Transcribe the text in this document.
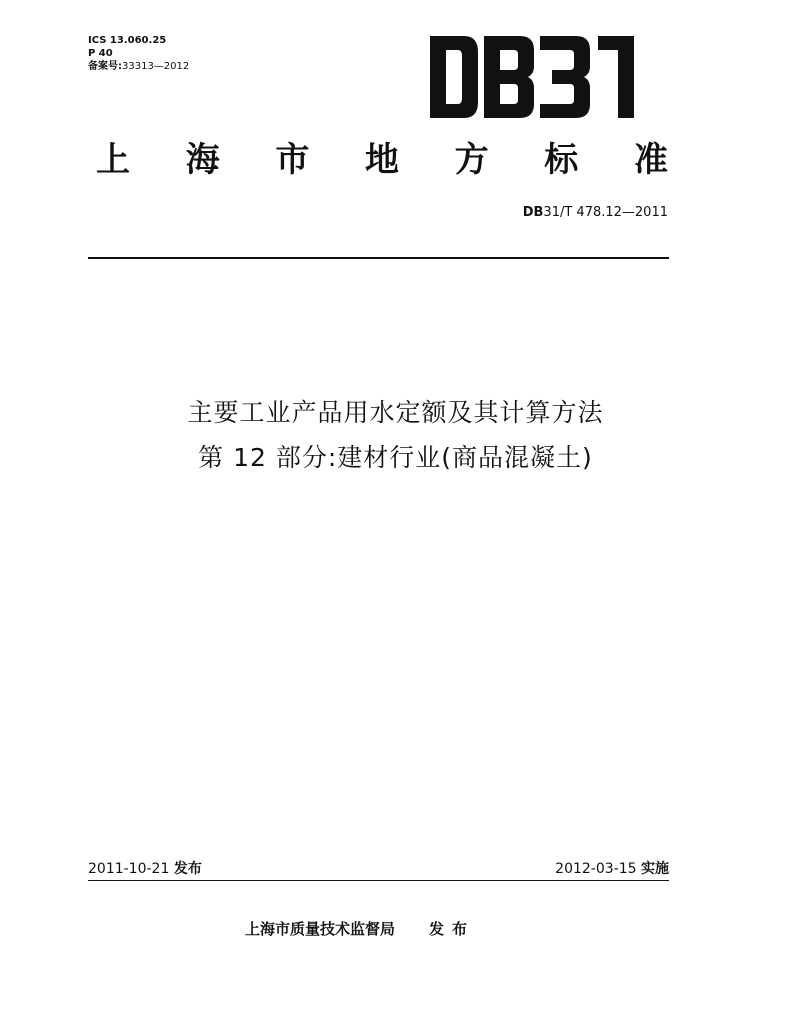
ICS 13.060.25
P 40
备案号:33313—2012
上 海 市 地 方 标 准
DB31/T 478.12—2011
主要工业产品用水定额及其计算方法
第 12 部分:建材行业(商品混凝土)
2011-10-21 发布	2012-03-15 实施
上海市质量技术监督局 发布
